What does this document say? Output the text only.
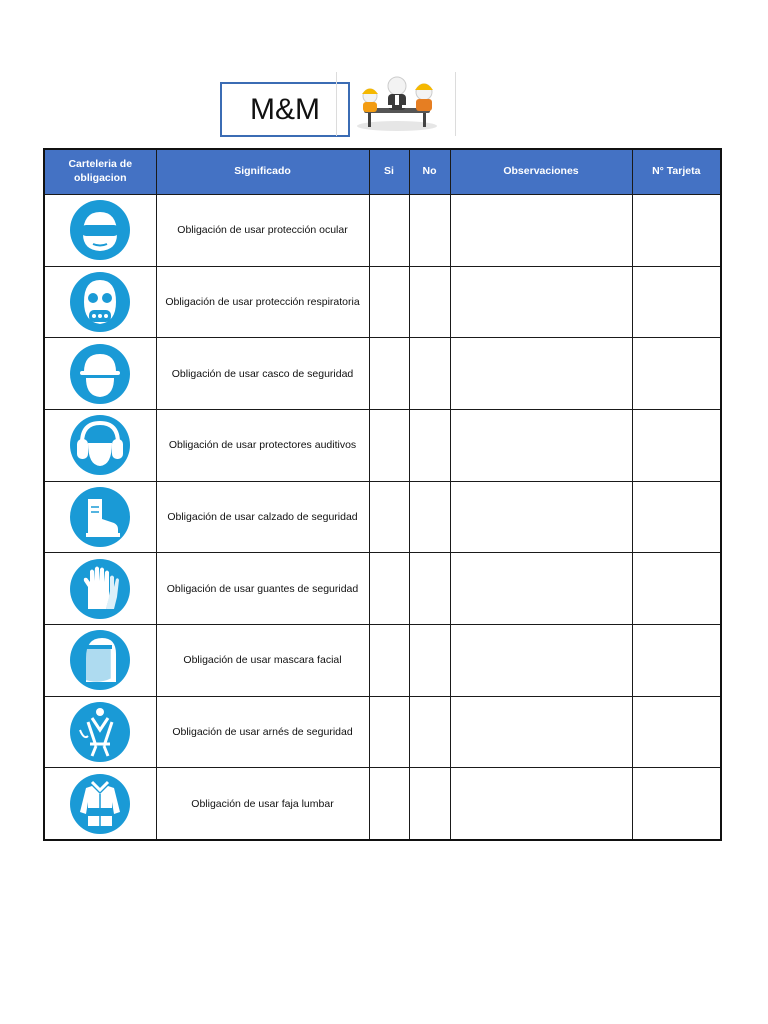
M&M
Carteleria de obligacion	Significado	Si	No	Observaciones	N° Tarjeta

	Obligación de usar protección ocular				

	Obligación de usar protección respiratoria				

	Obligación de usar casco de seguridad				

	Obligación de usar protectores auditivos				

	Obligación de usar calzado de seguridad				

	Obligación de usar guantes de seguridad				

	Obligación de usar mascara facial				

	Obligación de usar arnés de seguridad				

	Obligación de usar faja lumbar				
